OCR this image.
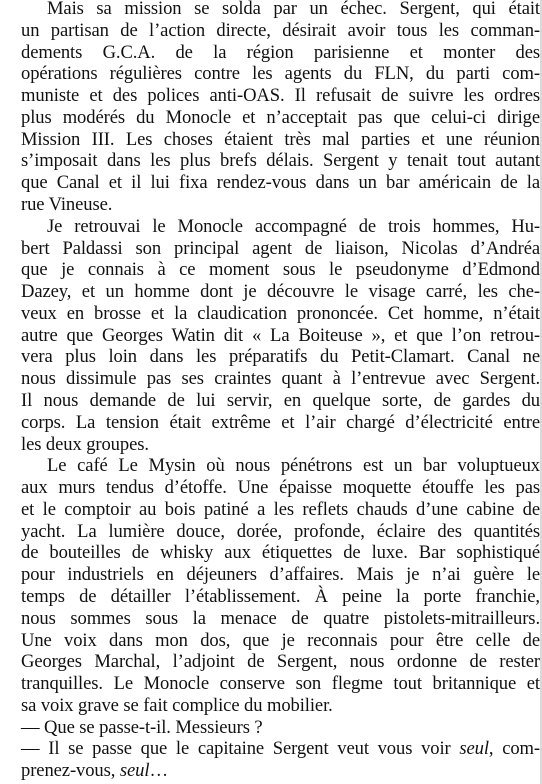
Mais sa mission se solda par un échec. Sergent, qui était
un partisan de l’action directe, désirait avoir tous les comman-
dements G.C.A. de la région parisienne et monter des
opérations régulières contre les agents du FLN, du parti com-
muniste et des polices anti-OAS. Il refusait de suivre les ordres
plus modérés du Monocle et n’acceptait pas que celui-ci dirige
Mission III. Les choses étaient très mal parties et une réunion
s’imposait dans les plus brefs délais. Sergent y tenait tout autant
que Canal et il lui fixa rendez-vous dans un bar américain de la
rue Vineuse.
Je retrouvai le Monocle accompagné de trois hommes, Hu-
bert Paldassi son principal agent de liaison, Nicolas d’Andréa
que je connais à ce moment sous le pseudonyme d’Edmond
Dazey, et un homme dont je découvre le visage carré, les che-
veux en brosse et la claudication prononcée. Cet homme, n’était
autre que Georges Watin dit « La Boiteuse », et que l’on retrou-
vera plus loin dans les préparatifs du Petit-Clamart. Canal ne
nous dissimule pas ses craintes quant à l’entrevue avec Sergent.
Il nous demande de lui servir, en quelque sorte, de gardes du
corps. La tension était extrême et l’air chargé d’électricité entre
les deux groupes.
Le café Le Mysin où nous pénétrons est un bar voluptueux
aux murs tendus d’étoffe. Une épaisse moquette étouffe les pas
et le comptoir au bois patiné a les reflets chauds d’une cabine de
yacht. La lumière douce, dorée, profonde, éclaire des quantités
de bouteilles de whisky aux étiquettes de luxe. Bar sophistiqué
pour industriels en déjeuners d’affaires. Mais je n’ai guère le
temps de détailler l’établissement. À peine la porte franchie,
nous sommes sous la menace de quatre pistolets-mitrailleurs.
Une voix dans mon dos, que je reconnais pour être celle de
Georges Marchal, l’adjoint de Sergent, nous ordonne de rester
tranquilles. Le Monocle conserve son flegme tout britannique et
sa voix grave se fait complice du mobilier.
— Que se passe-t-il. Messieurs ?
— Il se passe que le capitaine Sergent veut vous voir seul, com-
prenez-vous, seul…
